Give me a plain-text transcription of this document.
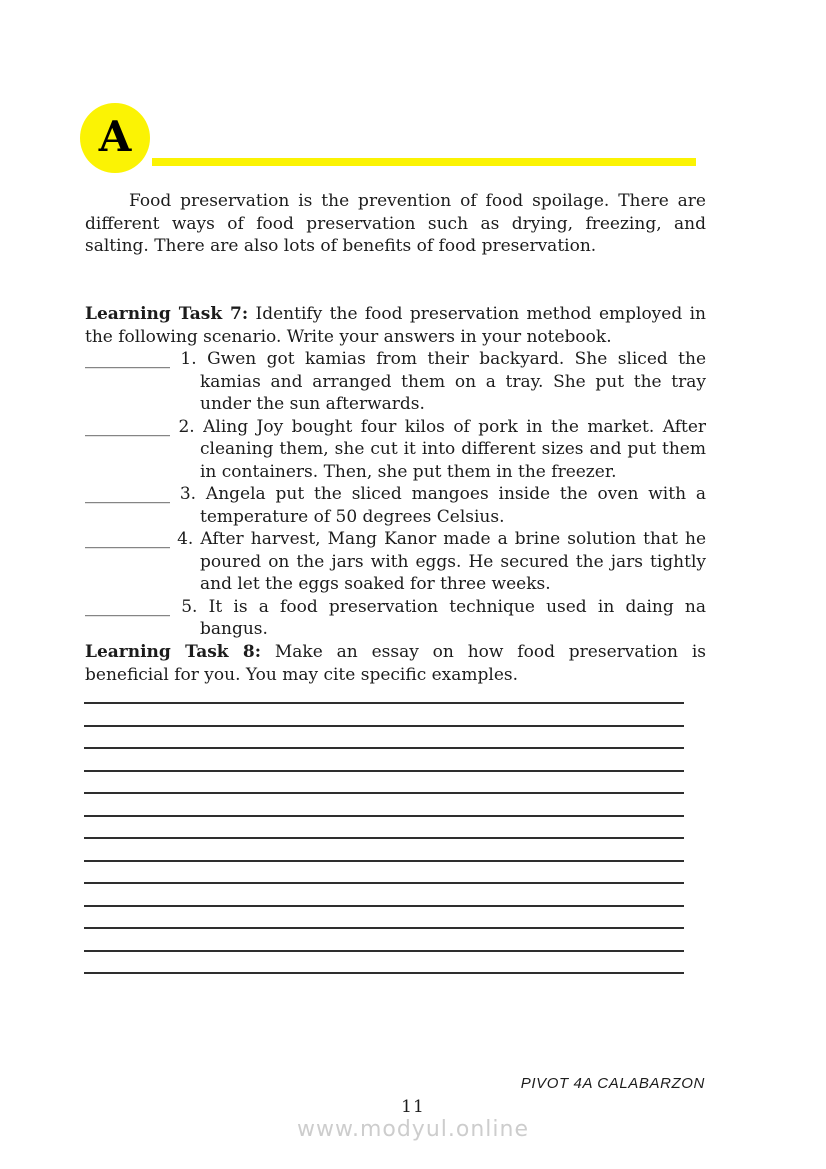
A

Food preservation is the prevention of food spoilage. There are different ways of food preservation such as drying, freezing, and salting. There are also lots of benefits of food preservation.

Learning Task 7: Identify the food preservation method employed in the following scenario. Write your answers in your notebook.
__________ 1. Gwen got kamias from their backyard. She sliced the kamias and arranged them on a tray. She put the tray under the sun afterwards.
__________ 2. Aling Joy bought four kilos of pork in the market. After cleaning them, she cut it into different sizes and put them in containers. Then, she put them in the freezer.
__________ 3. Angela put the sliced mangoes inside the oven with a temperature of 50 degrees Celsius.
__________ 4. After harvest, Mang Kanor made a brine solution that he poured on the jars with eggs. He secured the jars tightly and let the eggs soaked for three weeks.
__________ 5. It is a food preservation technique used in daing na bangus.
Learning Task 8: Make an essay on how food preservation is beneficial for you. You may cite specific examples.
PIVOT 4A CALABARZON
11
www.modyul.online
